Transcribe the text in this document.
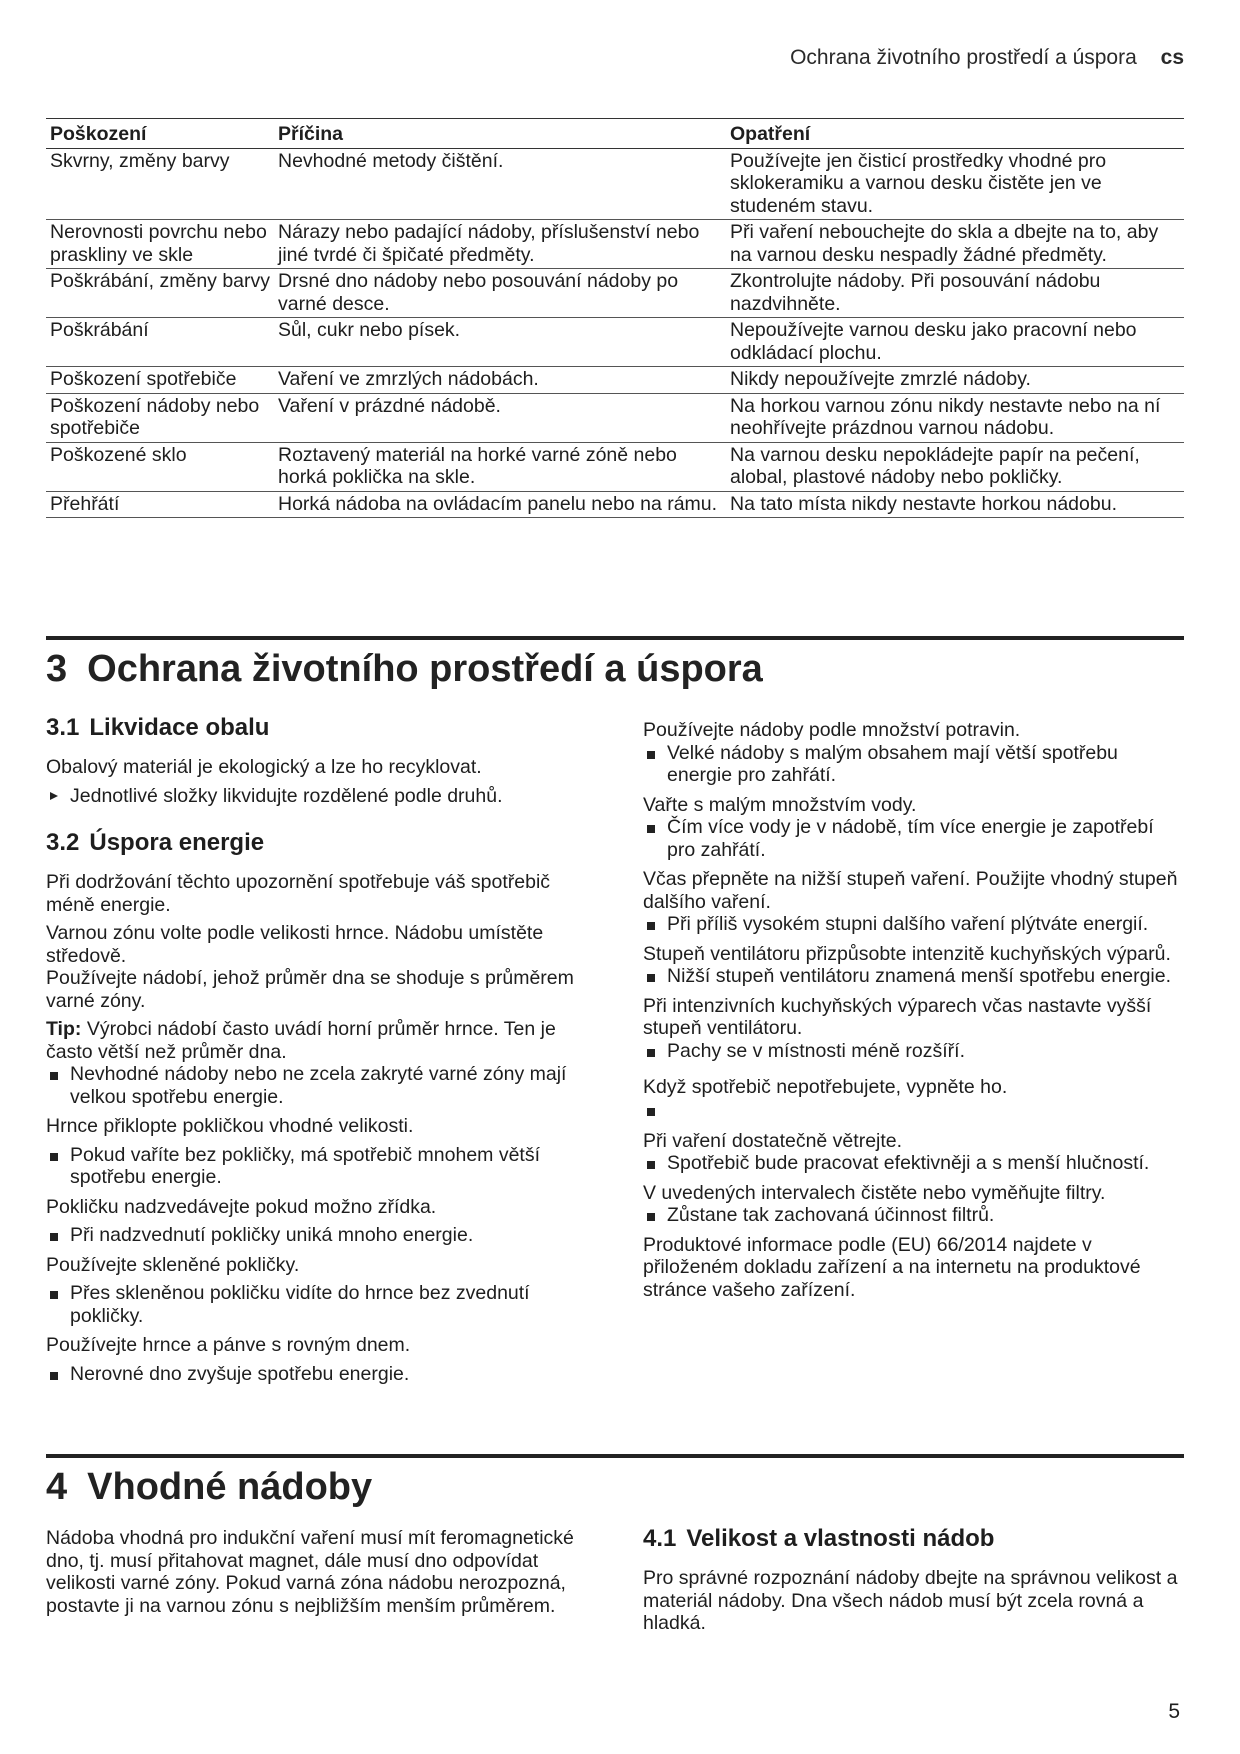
Ochrana životního prostředí a úspora cs
Poškození	Příčina	Opatření
Skvrny, změny barvy	Nevhodné metody čištění.	Používejte jen čisticí prostředky vhodné pro sklokeramiku a varnou desku čistěte jen ve studeném stavu.
Nerovnosti povrchu nebo praskliny ve skle	Nárazy nebo padající nádoby, příslušenství nebo jiné tvrdé či špičaté předměty.	Při vaření nebouchejte do skla a dbejte na to, aby na varnou desku nespadly žádné předměty.
Poškrábání, změny barvy	Drsné dno nádoby nebo posouvání nádoby po varné desce.	Zkontrolujte nádoby. Při posouvání nádobu nazdvihněte.
Poškrábání	Sůl, cukr nebo písek.	Nepoužívejte varnou desku jako pracovní nebo odkládací plochu.
Poškození spotřebiče	Vaření ve zmrzlých nádobách.	Nikdy nepoužívejte zmrzlé nádoby.
Poškození nádoby nebo spotřebiče	Vaření v prázdné nádobě.	Na horkou varnou zónu nikdy nestavte nebo na ní neohřívejte prázdnou varnou nádobu.
Poškozené sklo	Roztavený materiál na horké varné zóně nebo horká poklička na skle.	Na varnou desku nepokládejte papír na pečení, alobal, plastové nádoby nebo pokličky.
Přehřátí	Horká nádoba na ovládacím panelu nebo na rámu.	Na tato místa nikdy nestavte horkou nádobu.
3 Ochrana životního prostředí a úspora
3.1 Likvidace obalu

Obalový materiál je ekologický a lze ho recyklovat.

Jednotlivé složky likvidujte rozdělené podle druhů.
3.2 Úspora energie

Při dodržování těchto upozornění spotřebuje váš spotřebič méně energie.

Varnou zónu volte podle velikosti hrnce. Nádobu umístěte středově.

Používejte nádobí, jehož průměr dna se shoduje s průměrem varné zóny.

Tip: Výrobci nádobí často uvádí horní průměr hrnce. Ten je často větší než průměr dna.

Nevhodné nádoby nebo ne zcela zakryté varné zóny mají velkou spotřebu energie.

Hrnce přiklopte pokličkou vhodné velikosti.

Pokud vaříte bez pokličky, má spotřebič mnohem větší spotřebu energie.

Pokličku nadzvedávejte pokud možno zřídka.

Při nadzvednutí pokličky uniká mnoho energie.

Používejte skleněné pokličky.

Přes skleněnou pokličku vidíte do hrnce bez zvednutí pokličky.

Používejte hrnce a pánve s rovným dnem.

Nerovné dno zvyšuje spotřebu energie.

Používejte nádoby podle množství potravin.

Velké nádoby s malým obsahem mají větší spotřebu energie pro zahřátí.

Vařte s malým množstvím vody.

Čím více vody je v nádobě, tím více energie je zapotřebí pro zahřátí.

Včas přepněte na nižší stupeň vaření. Použijte vhodný stupeň dalšího vaření.

Při příliš vysokém stupni dalšího vaření plýtváte energií.

Stupeň ventilátoru přizpůsobte intenzitě kuchyňských výparů.

Nižší stupeň ventilátoru znamená menší spotřebu energie.

Při intenzivních kuchyňských výparech včas nastavte vyšší stupeň ventilátoru.

Pachy se v místnosti méně rozšíří.

Když spotřebič nepotřebujete, vypněte ho.

Při vaření dostatečně větrejte.

Spotřebič bude pracovat efektivněji a s menší hlučností.

V uvedených intervalech čistěte nebo vyměňujte filtry.

Zůstane tak zachovaná účinnost filtrů.

Produktové informace podle (EU) 66/2014 najdete v přiloženém dokladu zařízení a na internetu na produktové stránce vašeho zařízení.

4 Vhodné nádoby

Nádoba vhodná pro indukční vaření musí mít feromagnetické dno, tj. musí přitahovat magnet, dále musí dno odpovídat velikosti varné zóny. Pokud varná zóna nádobu nerozpozná, postavte ji na varnou zónu s nejbližším menším průměrem.

4.1 Velikost a vlastnosti nádob

Pro správné rozpoznání nádoby dbejte na správnou velikost a materiál nádoby. Dna všech nádob musí být zcela rovná a hladká.

5
